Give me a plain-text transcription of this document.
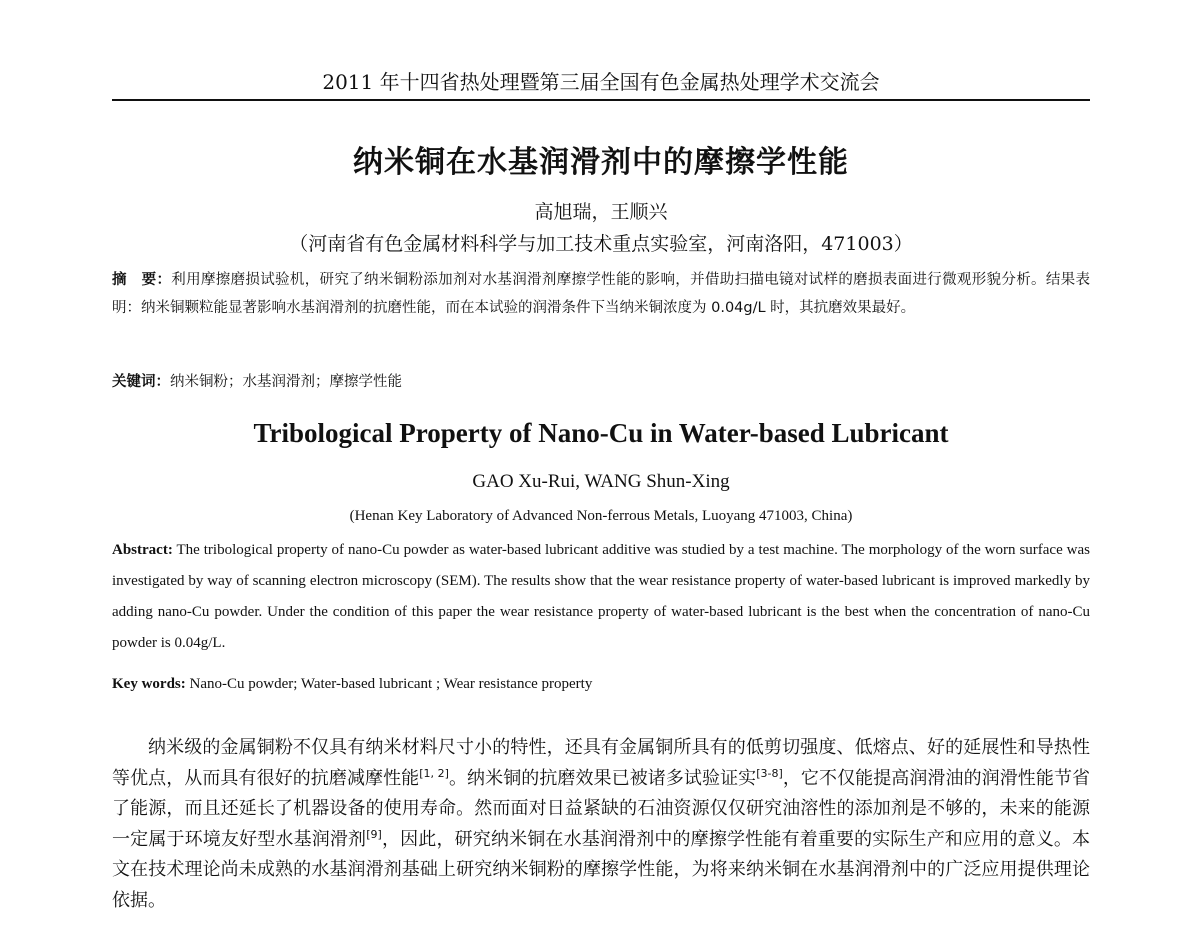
2011 年十四省热处理暨第三届全国有色金属热处理学术交流会
纳米铜在水基润滑剂中的摩擦学性能
高旭瑞，王顺兴
（河南省有色金属材料科学与加工技术重点实验室，河南洛阳，471003）
摘　要：利用摩擦磨损试验机，研究了纳米铜粉添加剂对水基润滑剂摩擦学性能的影响，并借助扫描电镜对试样的磨损表面进行微观形貌分析。结果表明：纳米铜颗粒能显著影响水基润滑剂的抗磨性能，而在本试验的润滑条件下当纳米铜浓度为 0.04g/L 时，其抗磨效果最好。
关键词：纳米铜粉；水基润滑剂；摩擦学性能
Tribological Property of Nano-Cu in Water-based Lubricant
GAO Xu-Rui, WANG Shun-Xing
(Henan Key Laboratory of Advanced Non-ferrous Metals, Luoyang 471003, China)
Abstract: The tribological property of nano-Cu powder as water-based lubricant additive was studied by a test machine. The morphology of the worn surface was investigated by way of scanning electron microscopy (SEM). The results show that the wear resistance property of water-based lubricant is improved markedly by adding nano-Cu powder. Under the condition of this paper the wear resistance property of water-based lubricant is the best when the concentration of nano-Cu powder is 0.04g/L.
Key words: Nano-Cu powder; Water-based lubricant ; Wear resistance property
纳米级的金属铜粉不仅具有纳米材料尺寸小的特性，还具有金属铜所具有的低剪切强度、低熔点、好的延展性和导热性等优点，从而具有很好的抗磨减摩性能[1, 2]。纳米铜的抗磨效果已被诸多试验证实[3-8]，它不仅能提高润滑油的润滑性能节省了能源，而且还延长了机器设备的使用寿命。然而面对日益紧缺的石油资源仅仅研究油溶性的添加剂是不够的，未来的能源一定属于环境友好型水基润滑剂[9]，因此，研究纳米铜在水基润滑剂中的摩擦学性能有着重要的实际生产和应用的意义。本文在技术理论尚未成熟的水基润滑剂基础上研究纳米铜粉的摩擦学性能，为将来纳米铜在水基润滑剂中的广泛应用提供理论依据。
